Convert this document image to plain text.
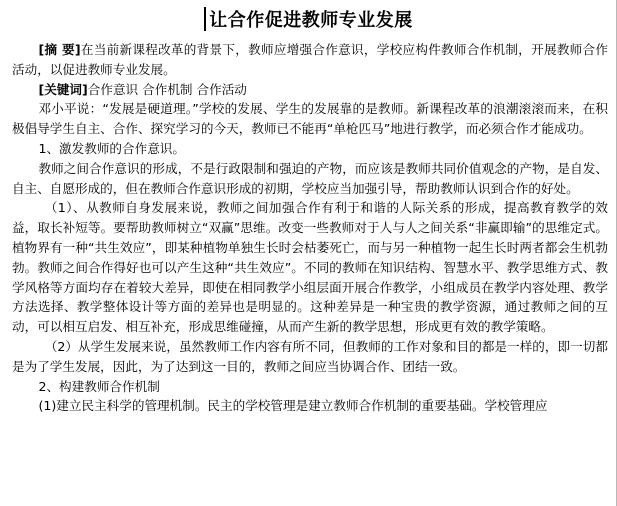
让合作促进教师专业发展

[摘 要]在当前新课程改革的背景下，教师应增强合作意识，学校应构件教师合作机制，开展教师合作活动，以促进教师专业发展。

[关键词]合作意识 合作机制 合作活动

邓小平说：“发展是硬道理。”学校的发展、学生的发展靠的是教师。新课程改革的浪潮滚滚而来，在积极倡导学生自主、合作、探究学习的今天，教师已不能再“单枪匹马”地进行教学，而必须合作才能成功。

1、激发教师的合作意识。

教师之间合作意识的形成，不是行政限制和强迫的产物，而应该是教师共同价值观念的产物，是自发、自主、自愿形成的，但在教师合作意识形成的初期，学校应当加强引导，帮助教师认识到合作的好处。

（1）、从教师自身发展来说，教师之间加强合作有利于和谐的人际关系的形成，提高教育教学的效益，取长补短等。要帮助教师树立“双赢”思维。改变一些教师对于人与人之间关系“非赢即输”的思维定式。植物界有一种“共生效应”，即某种植物单独生长时会枯萎死亡，而与另一种植物一起生长时两者都会生机勃勃。教师之间合作得好也可以产生这种“共生效应”。不同的教师在知识结构、智慧水平、教学思维方式、教学风格等方面均存在着较大差异，即使在相同教学小组层面开展合作教学，小组成员在教学内容处理、教学方法选择、教学整体设计等方面的差异也是明显的。这种差异是一种宝贵的教学资源，通过教师之间的互动，可以相互启发、相互补充，形成思维碰撞，从而产生新的教学思想，形成更有效的教学策略。

（2）从学生发展来说，虽然教师工作内容有所不同，但教师的工作对象和目的都是一样的，即一切都是为了学生发展，因此，为了达到这一目的，教师之间应当协调合作、团结一致。

2、构建教师合作机制

(1)建立民主科学的管理机制。民主的学校管理是建立教师合作机制的重要基础。学校管理应
